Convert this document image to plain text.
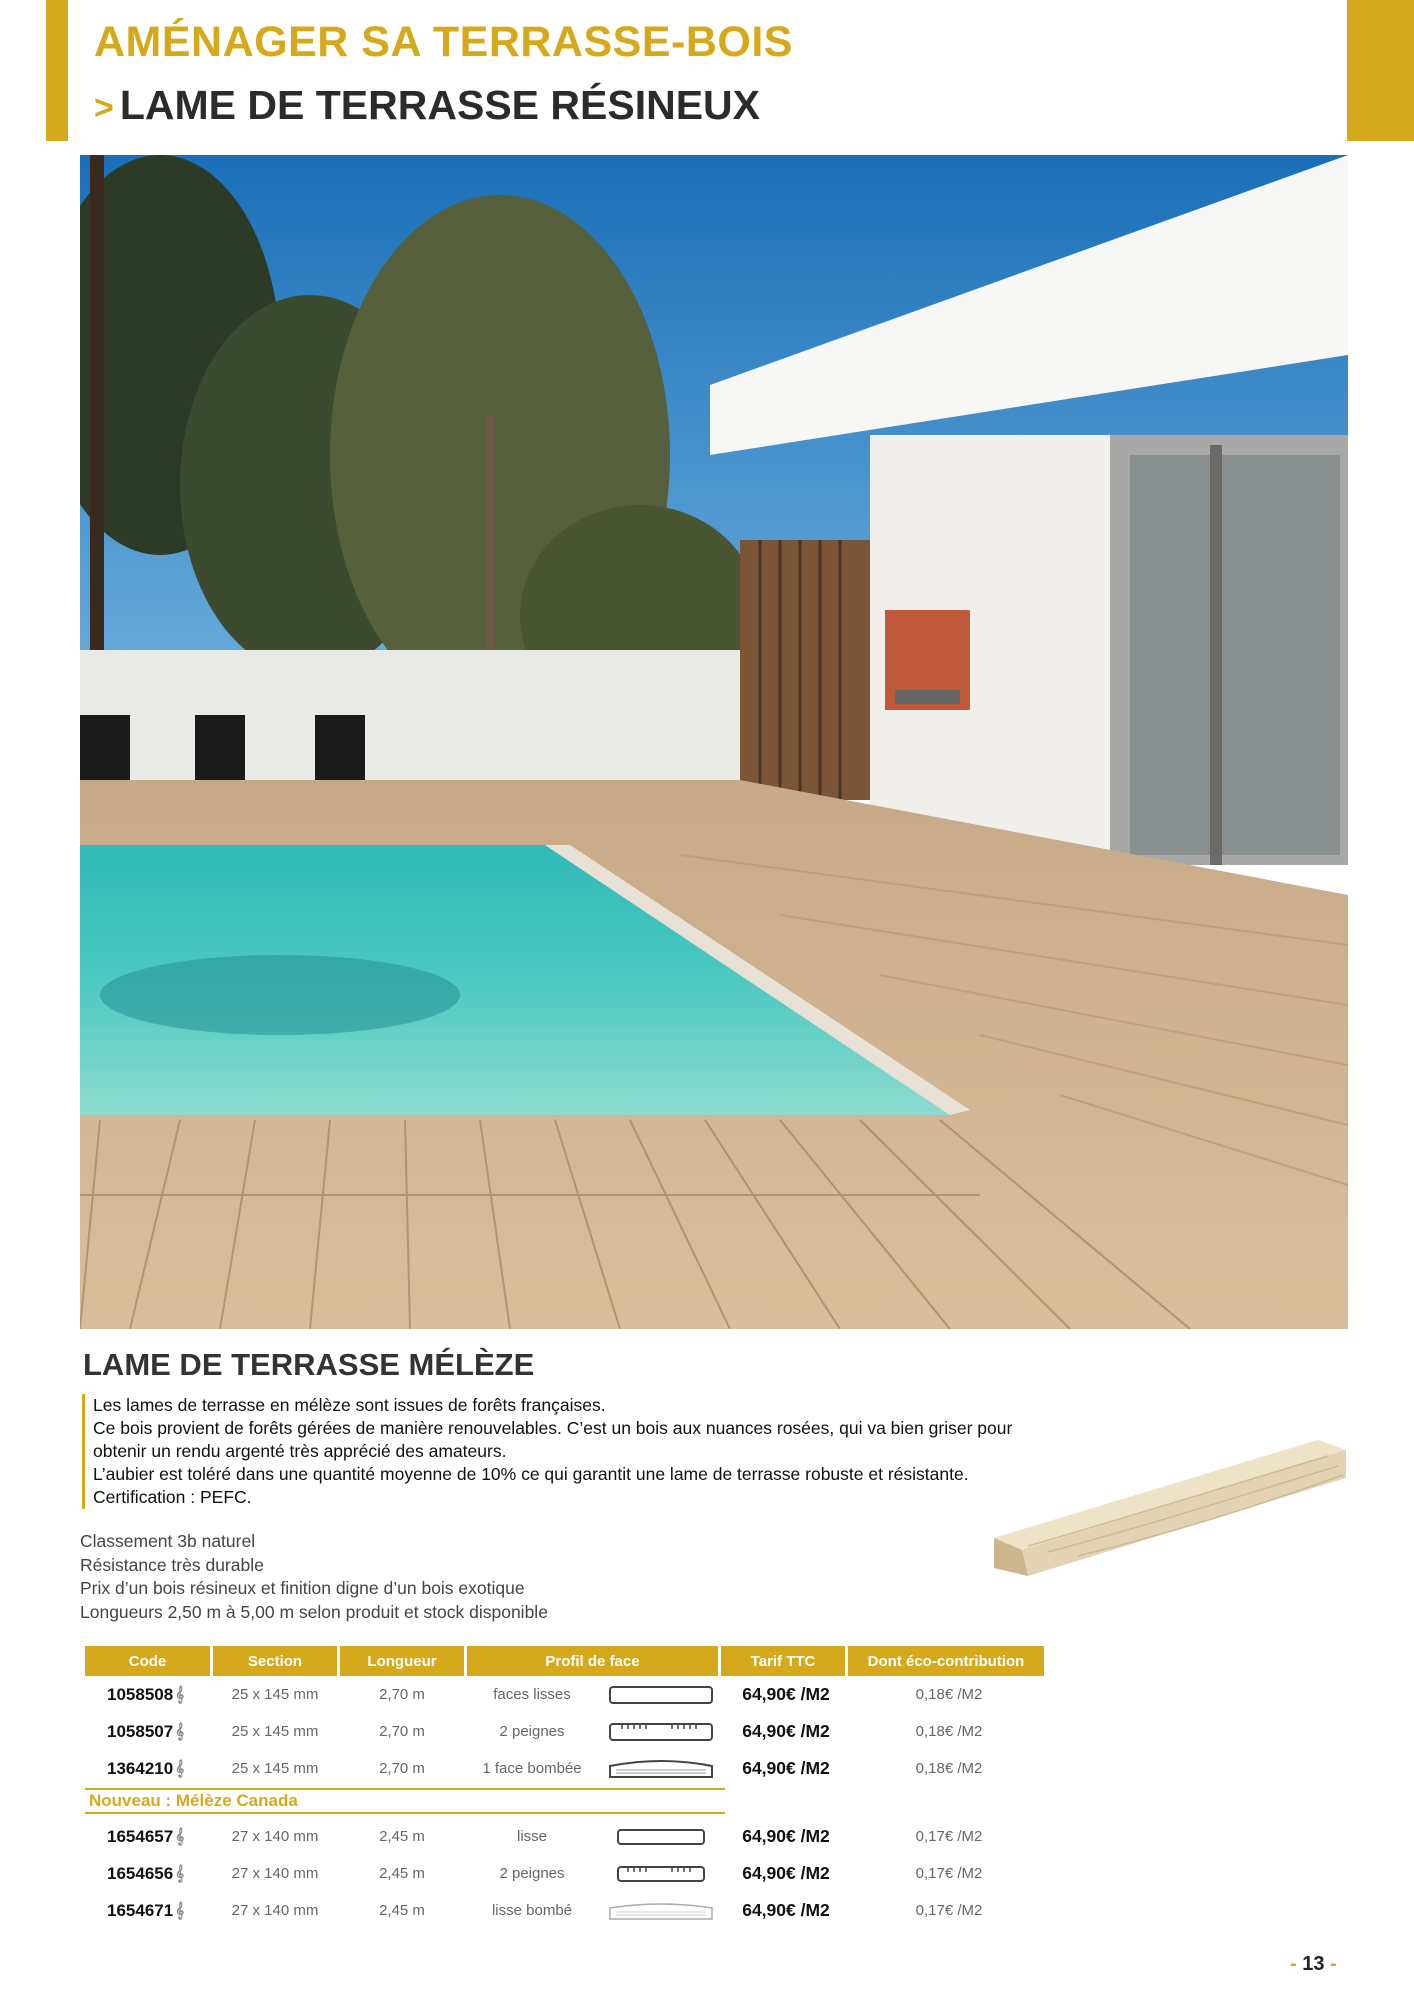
AMÉNAGER SA TERRASSE-BOIS
> LAME DE TERRASSE RÉSINEUX
LAME DE TERRASSE MÉLÈZE

Les lames de terrasse en mélèze sont issues de forêts françaises.

Ce bois provient de forêts gérées de manière renouvelables. C’est un bois aux nuances rosées, qui va bien griser pour obtenir un rendu argenté très apprécié des amateurs.

L’aubier est toléré dans une quantité moyenne de 10% ce qui garantit une lame de terrasse robuste et résistante.

Certification : PEFC.

Classement 3b naturel
Résistance très durable
Prix d’un bois résineux et finition digne d’un bois exotique
Longueurs 2,50 m à 5,00 m selon produit et stock disponible
Code	Section	Longueur	Profil de face	Tarif TTC	Dont éco-contribution
1058508 𝄞	25 x 145 mm	2,70 m	faces lisses	64,90€ /M2	0,18€ /M2
1058507 𝄞	25 x 145 mm	2,70 m	2 peignes	64,90€ /M2	0,18€ /M2
1364210 𝄞	25 x 145 mm	2,70 m	1 face bombée	64,90€ /M2	0,18€ /M2
Nouveau : Mélèze Canada
1654657 𝄞	27 x 140 mm	2,45 m	lisse	64,90€ /M2	0,17€ /M2
1654656 𝄞	27 x 140 mm	2,45 m	2 peignes	64,90€ /M2	0,17€ /M2
1654671 𝄞	27 x 140 mm	2,45 m	lisse bombé	64,90€ /M2	0,17€ /M2
- 13 -
